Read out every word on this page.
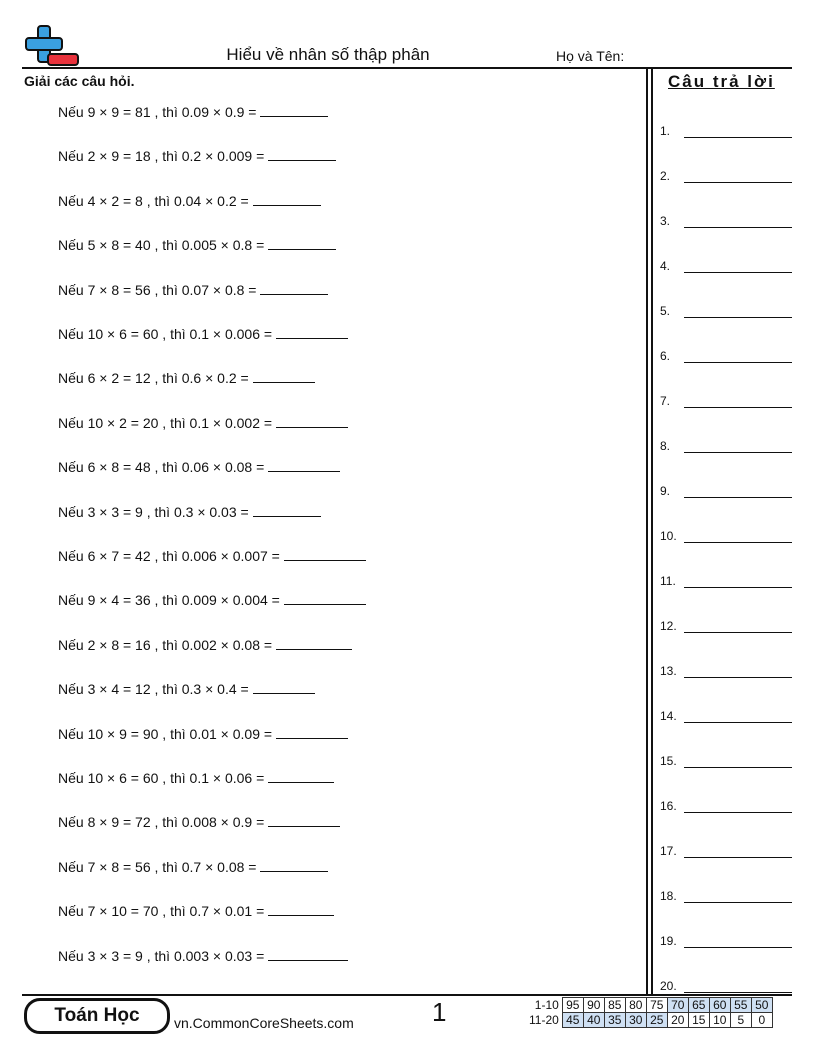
Hiểu về nhân số thập phân	Họ và Tên:
Giải các câu hỏi.
Nếu 9 × 9 = 81 , thì 0.09 × 0.9 =
Nếu 2 × 9 = 18 , thì 0.2 × 0.009 =
Nếu 4 × 2 = 8 , thì 0.04 × 0.2 =
Nếu 5 × 8 = 40 , thì 0.005 × 0.8 =
Nếu 7 × 8 = 56 , thì 0.07 × 0.8 =
Nếu 10 × 6 = 60 , thì 0.1 × 0.006 =
Nếu 6 × 2 = 12 , thì 0.6 × 0.2 =
Nếu 10 × 2 = 20 , thì 0.1 × 0.002 =
Nếu 6 × 8 = 48 , thì 0.06 × 0.08 =
Nếu 3 × 3 = 9 , thì 0.3 × 0.03 =
Nếu 6 × 7 = 42 , thì 0.006 × 0.007 =
Nếu 9 × 4 = 36 , thì 0.009 × 0.004 =
Nếu 2 × 8 = 16 , thì 0.002 × 0.08 =
Nếu 3 × 4 = 12 , thì 0.3 × 0.4 =
Nếu 10 × 9 = 90 , thì 0.01 × 0.09 =
Nếu 10 × 6 = 60 , thì 0.1 × 0.06 =
Nếu 8 × 9 = 72 , thì 0.008 × 0.9 =
Nếu 7 × 8 = 56 , thì 0.7 × 0.08 =
Nếu 7 × 10 = 70 , thì 0.7 × 0.01 =
Nếu 3 × 3 = 9 , thì 0.003 × 0.03 =
Câu trả lời
1.
2.
3.
4.
5.
6.
7.
8.
9.
10.
11.
12.
13.
14.
15.
16.
17.
18.
19.
20.
Toán Học	vn.CommonCoreSheets.com	1	1-10	95	90	85	80	75	70	65	60	55	50
11-20	45	40	35	30	25	20	15	10	5	0
